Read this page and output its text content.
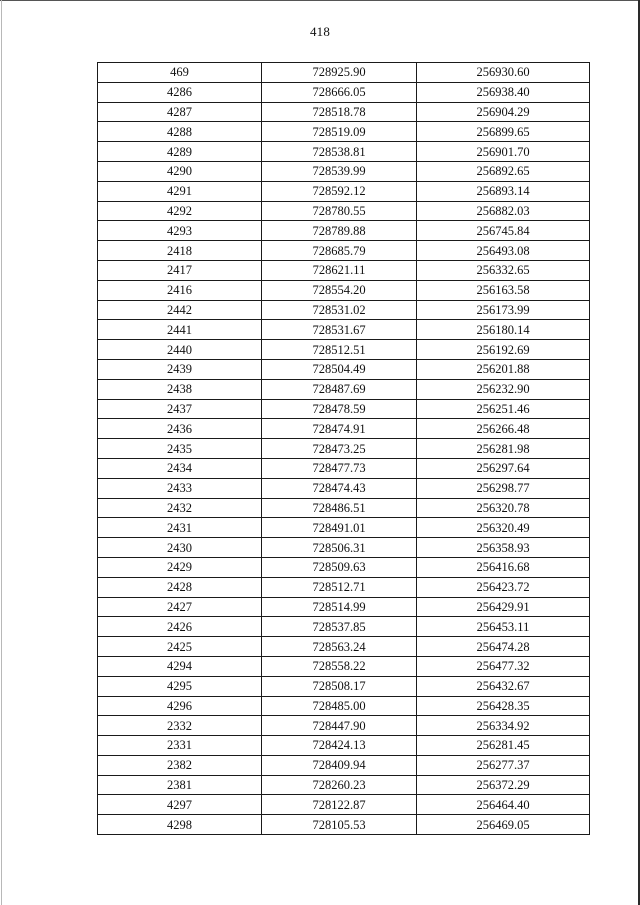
418
469	728925.90	256930.60
4286	728666.05	256938.40
4287	728518.78	256904.29
4288	728519.09	256899.65
4289	728538.81	256901.70
4290	728539.99	256892.65
4291	728592.12	256893.14
4292	728780.55	256882.03
4293	728789.88	256745.84
2418	728685.79	256493.08
2417	728621.11	256332.65
2416	728554.20	256163.58
2442	728531.02	256173.99
2441	728531.67	256180.14
2440	728512.51	256192.69
2439	728504.49	256201.88
2438	728487.69	256232.90
2437	728478.59	256251.46
2436	728474.91	256266.48
2435	728473.25	256281.98
2434	728477.73	256297.64
2433	728474.43	256298.77
2432	728486.51	256320.78
2431	728491.01	256320.49
2430	728506.31	256358.93
2429	728509.63	256416.68
2428	728512.71	256423.72
2427	728514.99	256429.91
2426	728537.85	256453.11
2425	728563.24	256474.28
4294	728558.22	256477.32
4295	728508.17	256432.67
4296	728485.00	256428.35
2332	728447.90	256334.92
2331	728424.13	256281.45
2382	728409.94	256277.37
2381	728260.23	256372.29
4297	728122.87	256464.40
4298	728105.53	256469.05
